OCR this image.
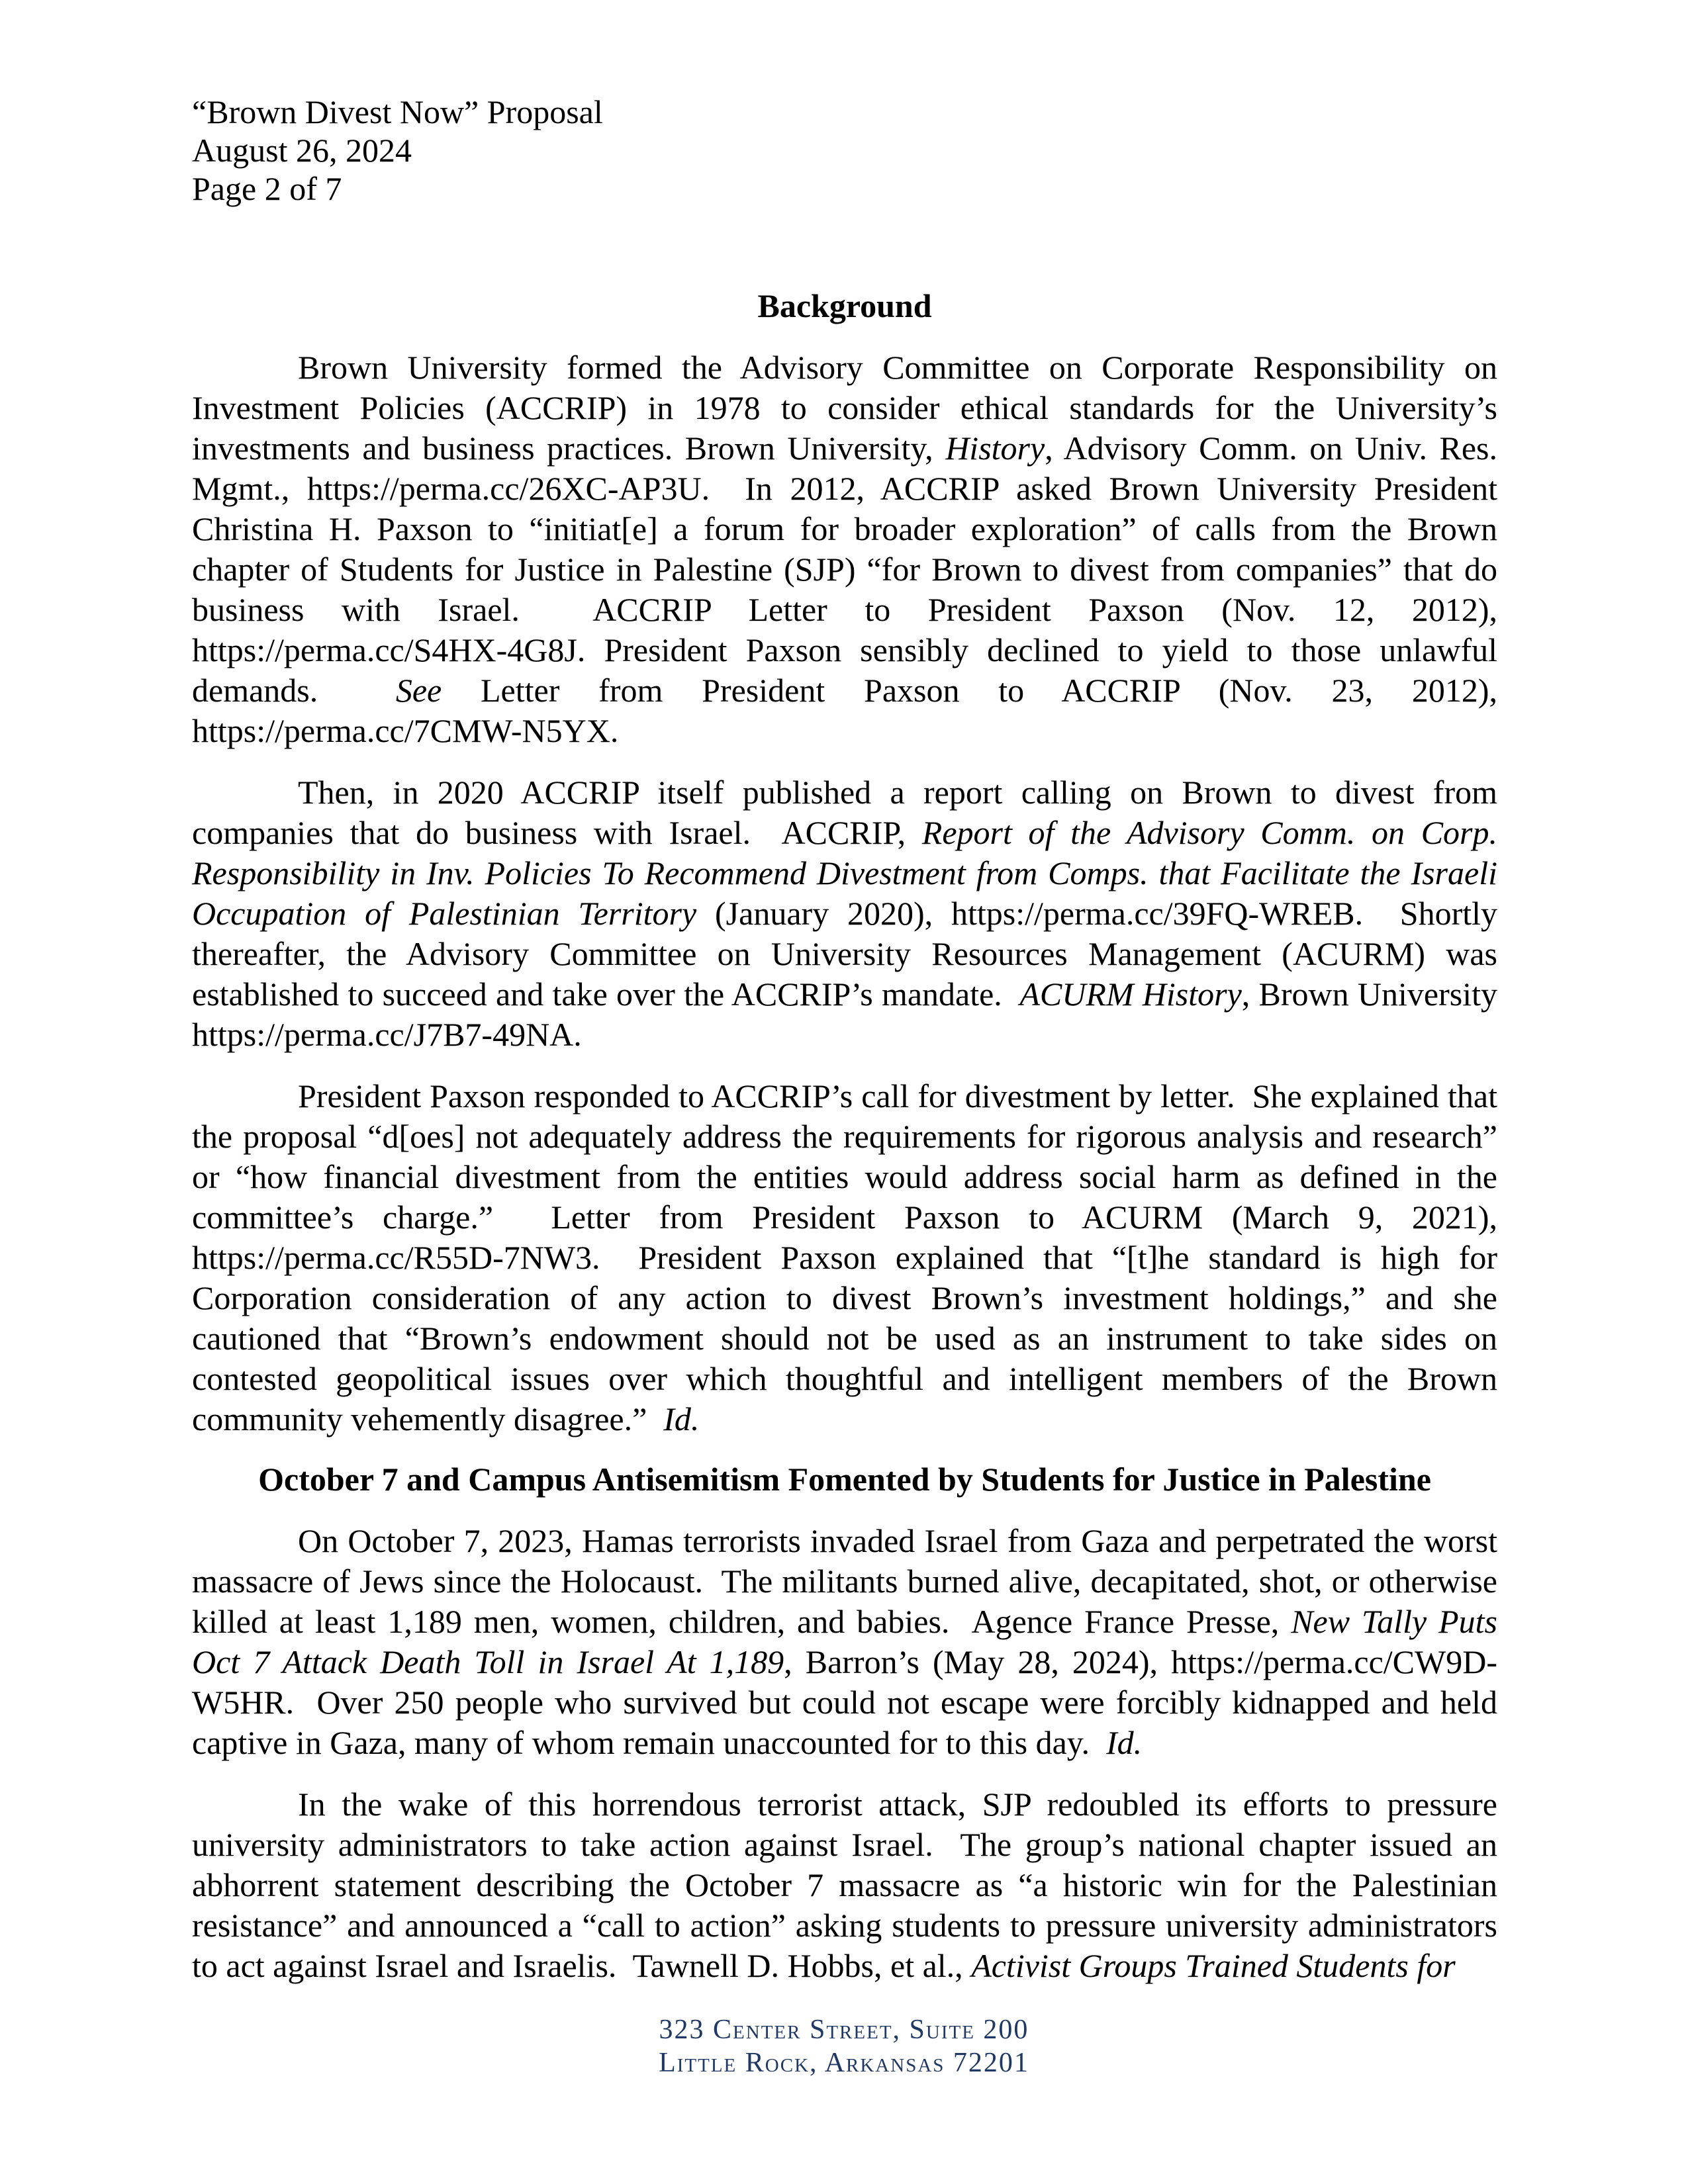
“Brown Divest Now” Proposal
August 26, 2024
Page 2 of 7
Background

Brown University formed the Advisory Committee on Corporate Responsibility on Investment Policies (ACCRIP) in 1978 to consider ethical standards for the University’s investments and business practices. Brown University, History, Advisory Comm. on Univ. Res. Mgmt., https://perma.cc/26XC-AP3U.  In 2012, ACCRIP asked Brown University President Christina H. Paxson to “initiat[e] a forum for broader exploration” of calls from the Brown chapter of Students for Justice in Palestine (SJP) “for Brown to divest from companies” that do business with Israel.  ACCRIP Letter to President Paxson (Nov. 12, 2012), https://perma.cc/S4HX-4G8J. President Paxson sensibly declined to yield to those unlawful demands.  See Letter from President Paxson to ACCRIP (Nov. 23, 2012), https://perma.cc/7CMW-N5YX.

Then, in 2020 ACCRIP itself published a report calling on Brown to divest from companies that do business with Israel.  ACCRIP, Report of the Advisory Comm. on Corp. Responsibility in Inv. Policies To Recommend Divestment from Comps. that Facilitate the Israeli Occupation of Palestinian Territory (January 2020), https://perma.cc/39FQ-WREB.  Shortly thereafter, the Advisory Committee on University Resources Management (ACURM) was established to succeed and take over the ACCRIP’s mandate.  ACURM History, Brown University https://perma.cc/J7B7-49NA.

President Paxson responded to ACCRIP’s call for divestment by letter.  She explained that the proposal “d[oes] not adequately address the requirements for rigorous analysis and research” or “how financial divestment from the entities would address social harm as defined in the committee’s charge.”  Letter from President Paxson to ACURM (March 9, 2021), https://perma.cc/R55D-7NW3.  President Paxson explained that “[t]he standard is high for Corporation consideration of any action to divest Brown’s investment holdings,” and she cautioned that “Brown’s endowment should not be used as an instrument to take sides on contested geopolitical issues over which thoughtful and intelligent members of the Brown community vehemently disagree.”  Id.

October 7 and Campus Antisemitism Fomented by Students for Justice in Palestine

On October 7, 2023, Hamas terrorists invaded Israel from Gaza and perpetrated the worst massacre of Jews since the Holocaust.  The militants burned alive, decapitated, shot, or otherwise killed at least 1,189 men, women, children, and babies.  Agence France Presse, New Tally Puts Oct 7 Attack Death Toll in Israel At 1,189, Barron’s (May 28, 2024), https://perma.cc/CW9D-W5HR.  Over 250 people who survived but could not escape were forcibly kidnapped and held captive in Gaza, many of whom remain unaccounted for to this day.  Id.

In the wake of this horrendous terrorist attack, SJP redoubled its efforts to pressure university administrators to take action against Israel.  The group’s national chapter issued an abhorrent statement describing the October 7 massacre as “a historic win for the Palestinian resistance” and announced a “call to action” asking students to pressure university administrators to act against Israel and Israelis.  Tawnell D. Hobbs, et al., Activist Groups Trained Students for

323 Center Street, Suite 200
Little Rock, Arkansas 72201
